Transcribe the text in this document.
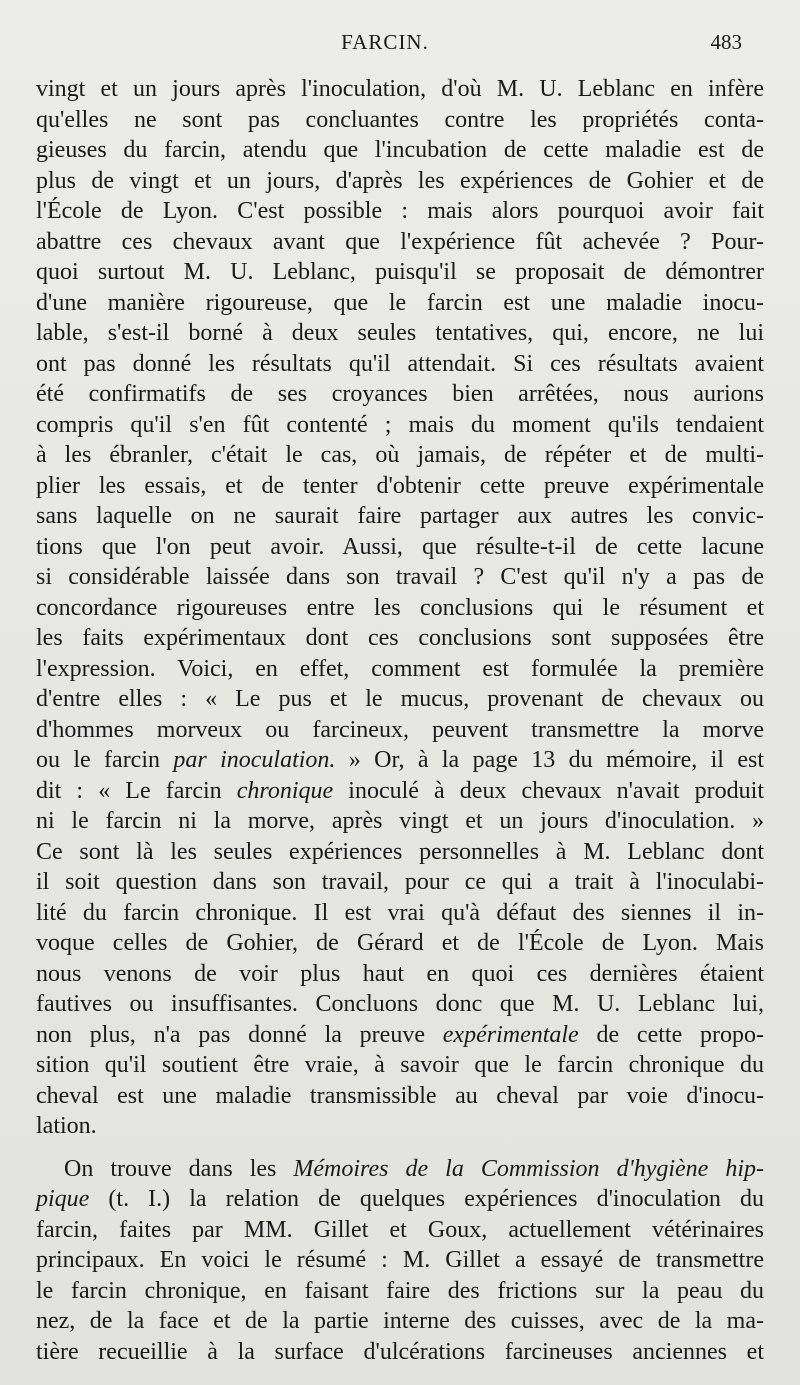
FARCIN.	483
vingt et un jours après l'inoculation, d'où M. U. Leblanc en infère
qu'elles ne sont pas concluantes contre les propriétés conta-
gieuses du farcin, atendu que l'incubation de cette maladie est de
plus de vingt et un jours, d'après les expériences de Gohier et de
l'École de Lyon. C'est possible : mais alors pourquoi avoir fait
abattre ces chevaux avant que l'expérience fût achevée ? Pour-
quoi surtout M. U. Leblanc, puisqu'il se proposait de démontrer
d'une manière rigoureuse, que le farcin est une maladie inocu-
lable, s'est-il borné à deux seules tentatives, qui, encore, ne lui
ont pas donné les résultats qu'il attendait. Si ces résultats avaient
été confirmatifs de ses croyances bien arrêtées, nous aurions
compris qu'il s'en fût contenté ; mais du moment qu'ils tendaient
à les ébranler, c'était le cas, où jamais, de répéter et de multi-
plier les essais, et de tenter d'obtenir cette preuve expérimentale
sans laquelle on ne saurait faire partager aux autres les convic-
tions que l'on peut avoir. Aussi, que résulte-t-il de cette lacune
si considérable laissée dans son travail ? C'est qu'il n'y a pas de
concordance rigoureuses entre les conclusions qui le résument et
les faits expérimentaux dont ces conclusions sont supposées être
l'expression. Voici, en effet, comment est formulée la première
d'entre elles : « Le pus et le mucus, provenant de chevaux ou
d'hommes morveux ou farcineux, peuvent transmettre la morve
ou le farcin par inoculation. » Or, à la page 13 du mémoire, il est
dit : « Le farcin chronique inoculé à deux chevaux n'avait produit
ni le farcin ni la morve, après vingt et un jours d'inoculation. »
Ce sont là les seules expériences personnelles à M. Leblanc dont
il soit question dans son travail, pour ce qui a trait à l'inoculabi-
lité du farcin chronique. Il est vrai qu'à défaut des siennes il in-
voque celles de Gohier, de Gérard et de l'École de Lyon. Mais
nous venons de voir plus haut en quoi ces dernières étaient
fautives ou insuffisantes. Concluons donc que M. U. Leblanc lui,
non plus, n'a pas donné la preuve expérimentale de cette propo-
sition qu'il soutient être vraie, à savoir que le farcin chronique du
cheval est une maladie transmissible au cheval par voie d'inocu-
lation.
On trouve dans les Mémoires de la Commission d'hygiène hip-
pique (t. I.) la relation de quelques expériences d'inoculation du
farcin, faites par MM. Gillet et Goux, actuellement vétérinaires
principaux. En voici le résumé : M. Gillet a essayé de transmettre
le farcin chronique, en faisant faire des frictions sur la peau du
nez, de la face et de la partie interne des cuisses, avec de la ma-
tière recueillie à la surface d'ulcérations farcineuses anciennes et
